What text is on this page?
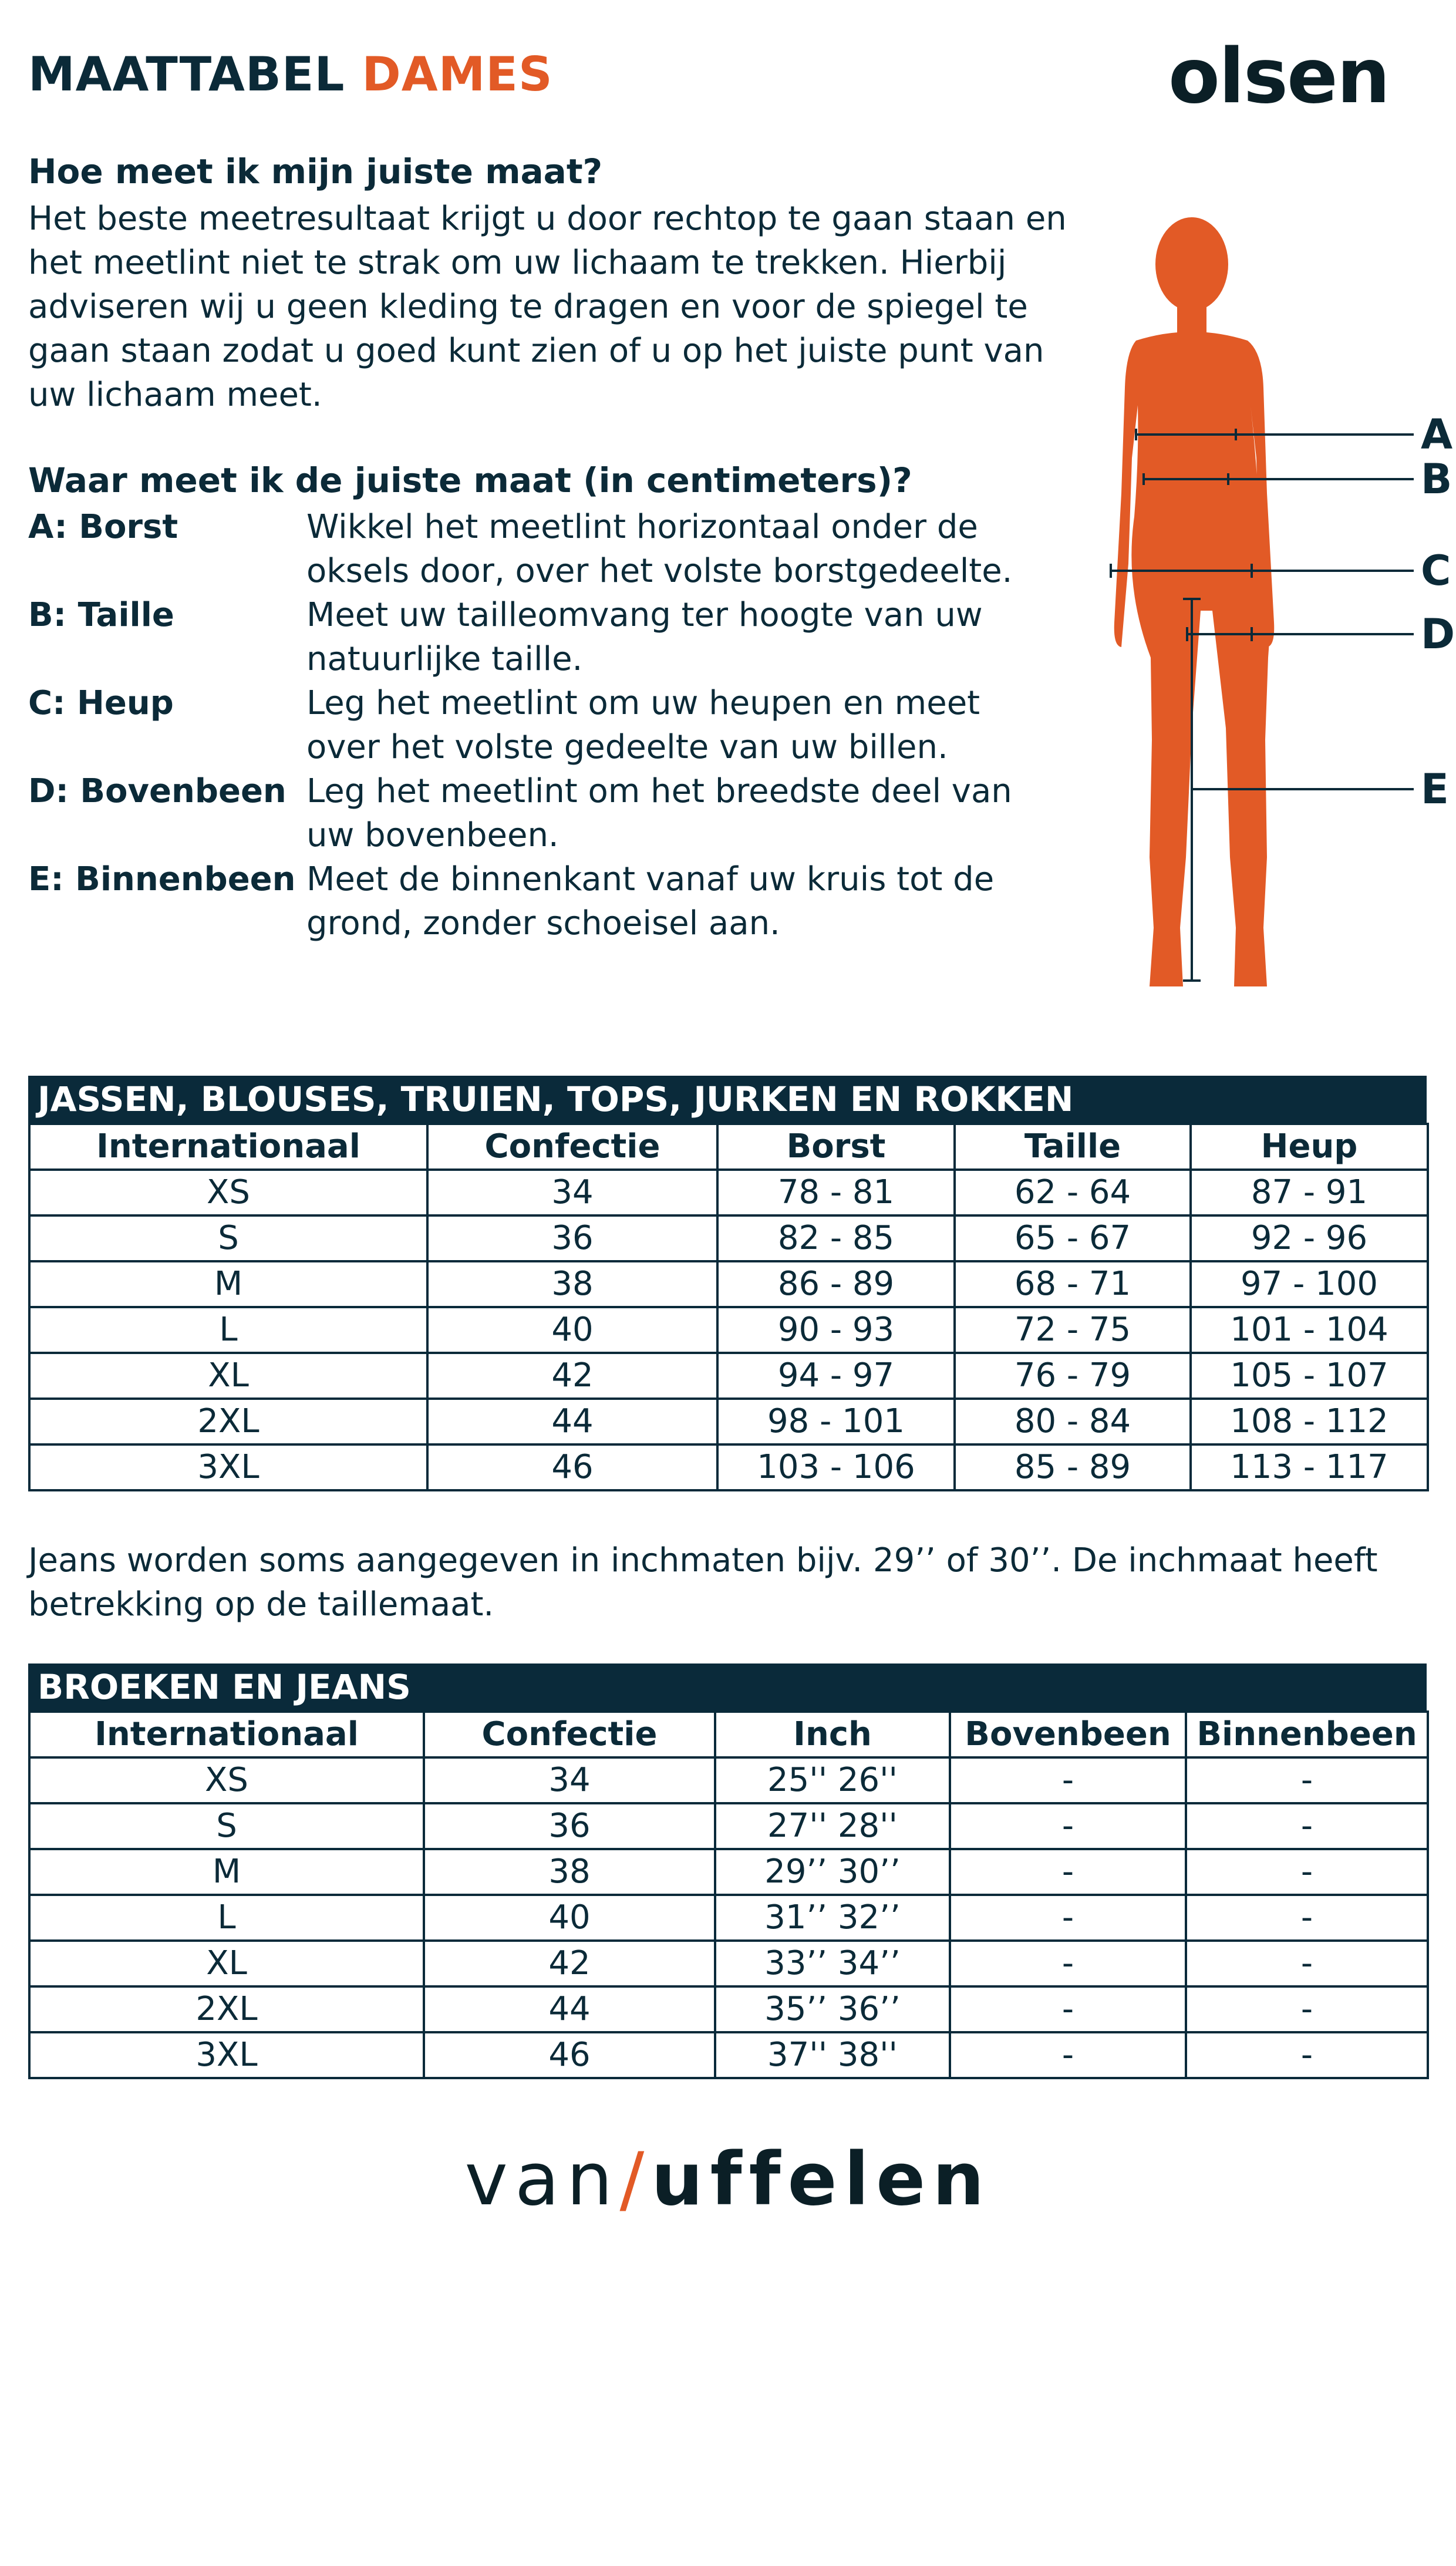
MAATTABEL DAMES	olsen
Hoe meet ik mijn juiste maat?
Het beste meetresultaat krijgt u door rechtop te gaan staan en het meetlint niet te strak om uw lichaam te trekken. Hierbij adviseren wij u geen kleding te dragen en voor de spiegel te gaan staan zodat u goed kunt zien of u op het juiste punt van uw lichaam meet.
Waar meet ik de juiste maat (in centimeters)?
A: Borst	Wikkel het meetlint horizontaal onder de oksels door, over het volste borstgedeelte.
B: Taille	Meet uw tailleomvang ter hoogte van uw natuurlijke taille.
C: Heup	Leg het meetlint om uw heupen en meet over het volste gedeelte van uw billen.
D: Bovenbeen Leg het meetlint om het breedste deel van uw bovenbeen.
E: Binnenbeen Meet de binnenkant vanaf uw kruis tot de grond, zonder schoeisel aan.
A
B
C
D
E
JASSEN, BLOUSES, TRUIEN, TOPS, JURKEN EN ROKKEN
Internationaal	Confectie	Borst	Taille	Heup
XS	34	78 - 81	62 - 64	87 - 91
S	36	82 - 85	65 - 67	92 - 96
M	38	86 - 89	68 - 71	97 - 100
L	40	90 - 93	72 - 75	101 - 104
XL	42	94 - 97	76 - 79	105 - 107
2XL	44	98 - 101	80 - 84	108 - 112
3XL	46	103 - 106	85 - 89	113 - 117
Jeans worden soms aangegeven in inchmaten bijv. 29’’ of 30’’. De inchmaat heeft betrekking op de taillemaat.
BROEKEN EN JEANS
Internationaal	Confectie	Inch	Bovenbeen	Binnenbeen
XS	34	25'' 26''	-	-
S	36	27'' 28''	-	-
M	38	29’’ 30’’	-	-
L	40	31’’ 32’’	-	-
XL	42	33’’ 34’’	-	-
2XL	44	35’’ 36’’	-	-
3XL	46	37'' 38''	-	-
van/uffelen
